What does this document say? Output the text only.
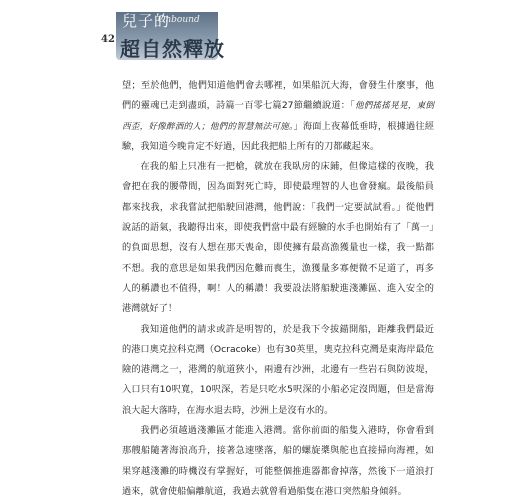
42
兒子的
Onbound
超自然釋放

望；至於他們，他們知道他們會去哪裡，如果船沉大海，會發生什麼事，他們的靈魂已走到盡頭，詩篇一百零七篇27節繼續說道：「他們搖搖晃晃，東倒西歪，好像醉酒的人；他們的智慧無法可施。」海面上夜幕低垂時，根據過往經驗，我知道今晚肯定不好過，因此我把船上所有的刀都藏起來。

在我的船上只准有一把槍，就放在我臥房的床鋪，但像這樣的夜晚，我會把在我的腰帶間，因為面對死亡時，即使最理智的人也會發瘋。最後船員都來找我，求我嘗試把船駛回港灣，他們說：「我們一定要試試看。」從他們說話的語氣，我聽得出來，即使我們當中最有經驗的水手也開始有了「萬一」的負面思想，沒有人想在那天喪命，即使擁有最高漁獲量也一樣，我一點都不想。我的意思是如果我們因危難而喪生，漁獲量多寡便微不足道了，再多人的稱讚也不值得，啊！人的稱讚！我要設法將船駛進淺灘區、進入安全的港灣就好了！

我知道他們的請求或許是明智的，於是我下令拔錨開船，距離我們最近的港口奧克拉科克灣（Ocracoke）也有30英里，奧克拉科克灣是東海岸最危險的港灣之一，港灣的航道狹小，兩邊有沙洲，北邊有一些岩石與防波堤，入口只有10呎寬，10呎深，若是只吃水5呎深的小船必定沒問題，但是當海浪大起大落時，在海水退去時，沙洲上是沒有水的。

我們必須越過淺灘區才能進入港灣。當你前面的船隻入港時，你會看到那艘船隨著海浪高升，接著急速墜落，船的螺旋槳與舵也直接掃向海裡，如果穿越淺灘的時機沒有掌握好，可能整個推進器都會掉落，然後下一道浪打過來，就會使船偏離航道，我過去就曾看過船隻在港口突然船身傾斜。
